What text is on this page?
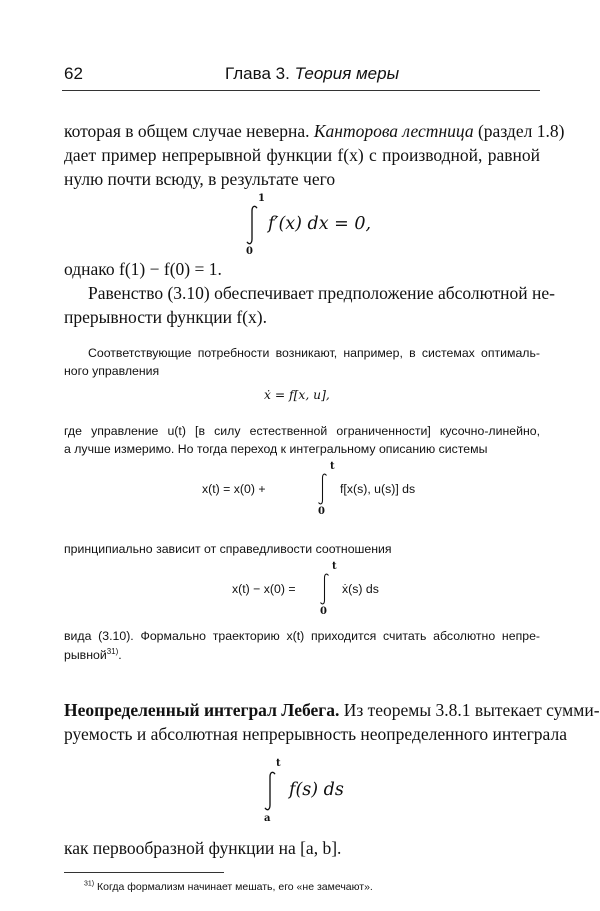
62	Глава 3. Теория меры
которая в общем случае неверна. Канторова лестница (раздел 1.8)
дает пример непрерывной функции f(x) с производной, равной
нулю почти всюду, в результате чего
1
0
f′(x) dx = 0,
однако f(1) − f(0) = 1.
Равенство (3.10) обеспечивает предположение абсолютной не-
прерывности функции f(x).
Соответствующие потребности возникают, например, в системах оптималь-
ного управления
ẋ = f[x, u],
где управление u(t) [в силу естественной ограниченности] кусочно-линейно,
а лучше измеримо. Но тогда переход к интегральному описанию системы
x(t) = x(0) +
t
0
f[x(s), u(s)] ds
принципиально зависит от справедливости соотношения
x(t) − x(0) =
t
0
ẋ(s) ds
вида (3.10). Формально траекторию x(t) приходится считать абсолютно непре-
рывной$^{31)}$.
Неопределенный интеграл Лебега. Из теоремы 3.8.1 вытекает сумми-
руемость и абсолютная непрерывность неопределенного интеграла
t
a
f(s) ds
как первообразной функции на [a, b].
$^{31)}$ Когда формализм начинает мешать, его «не замечают».
